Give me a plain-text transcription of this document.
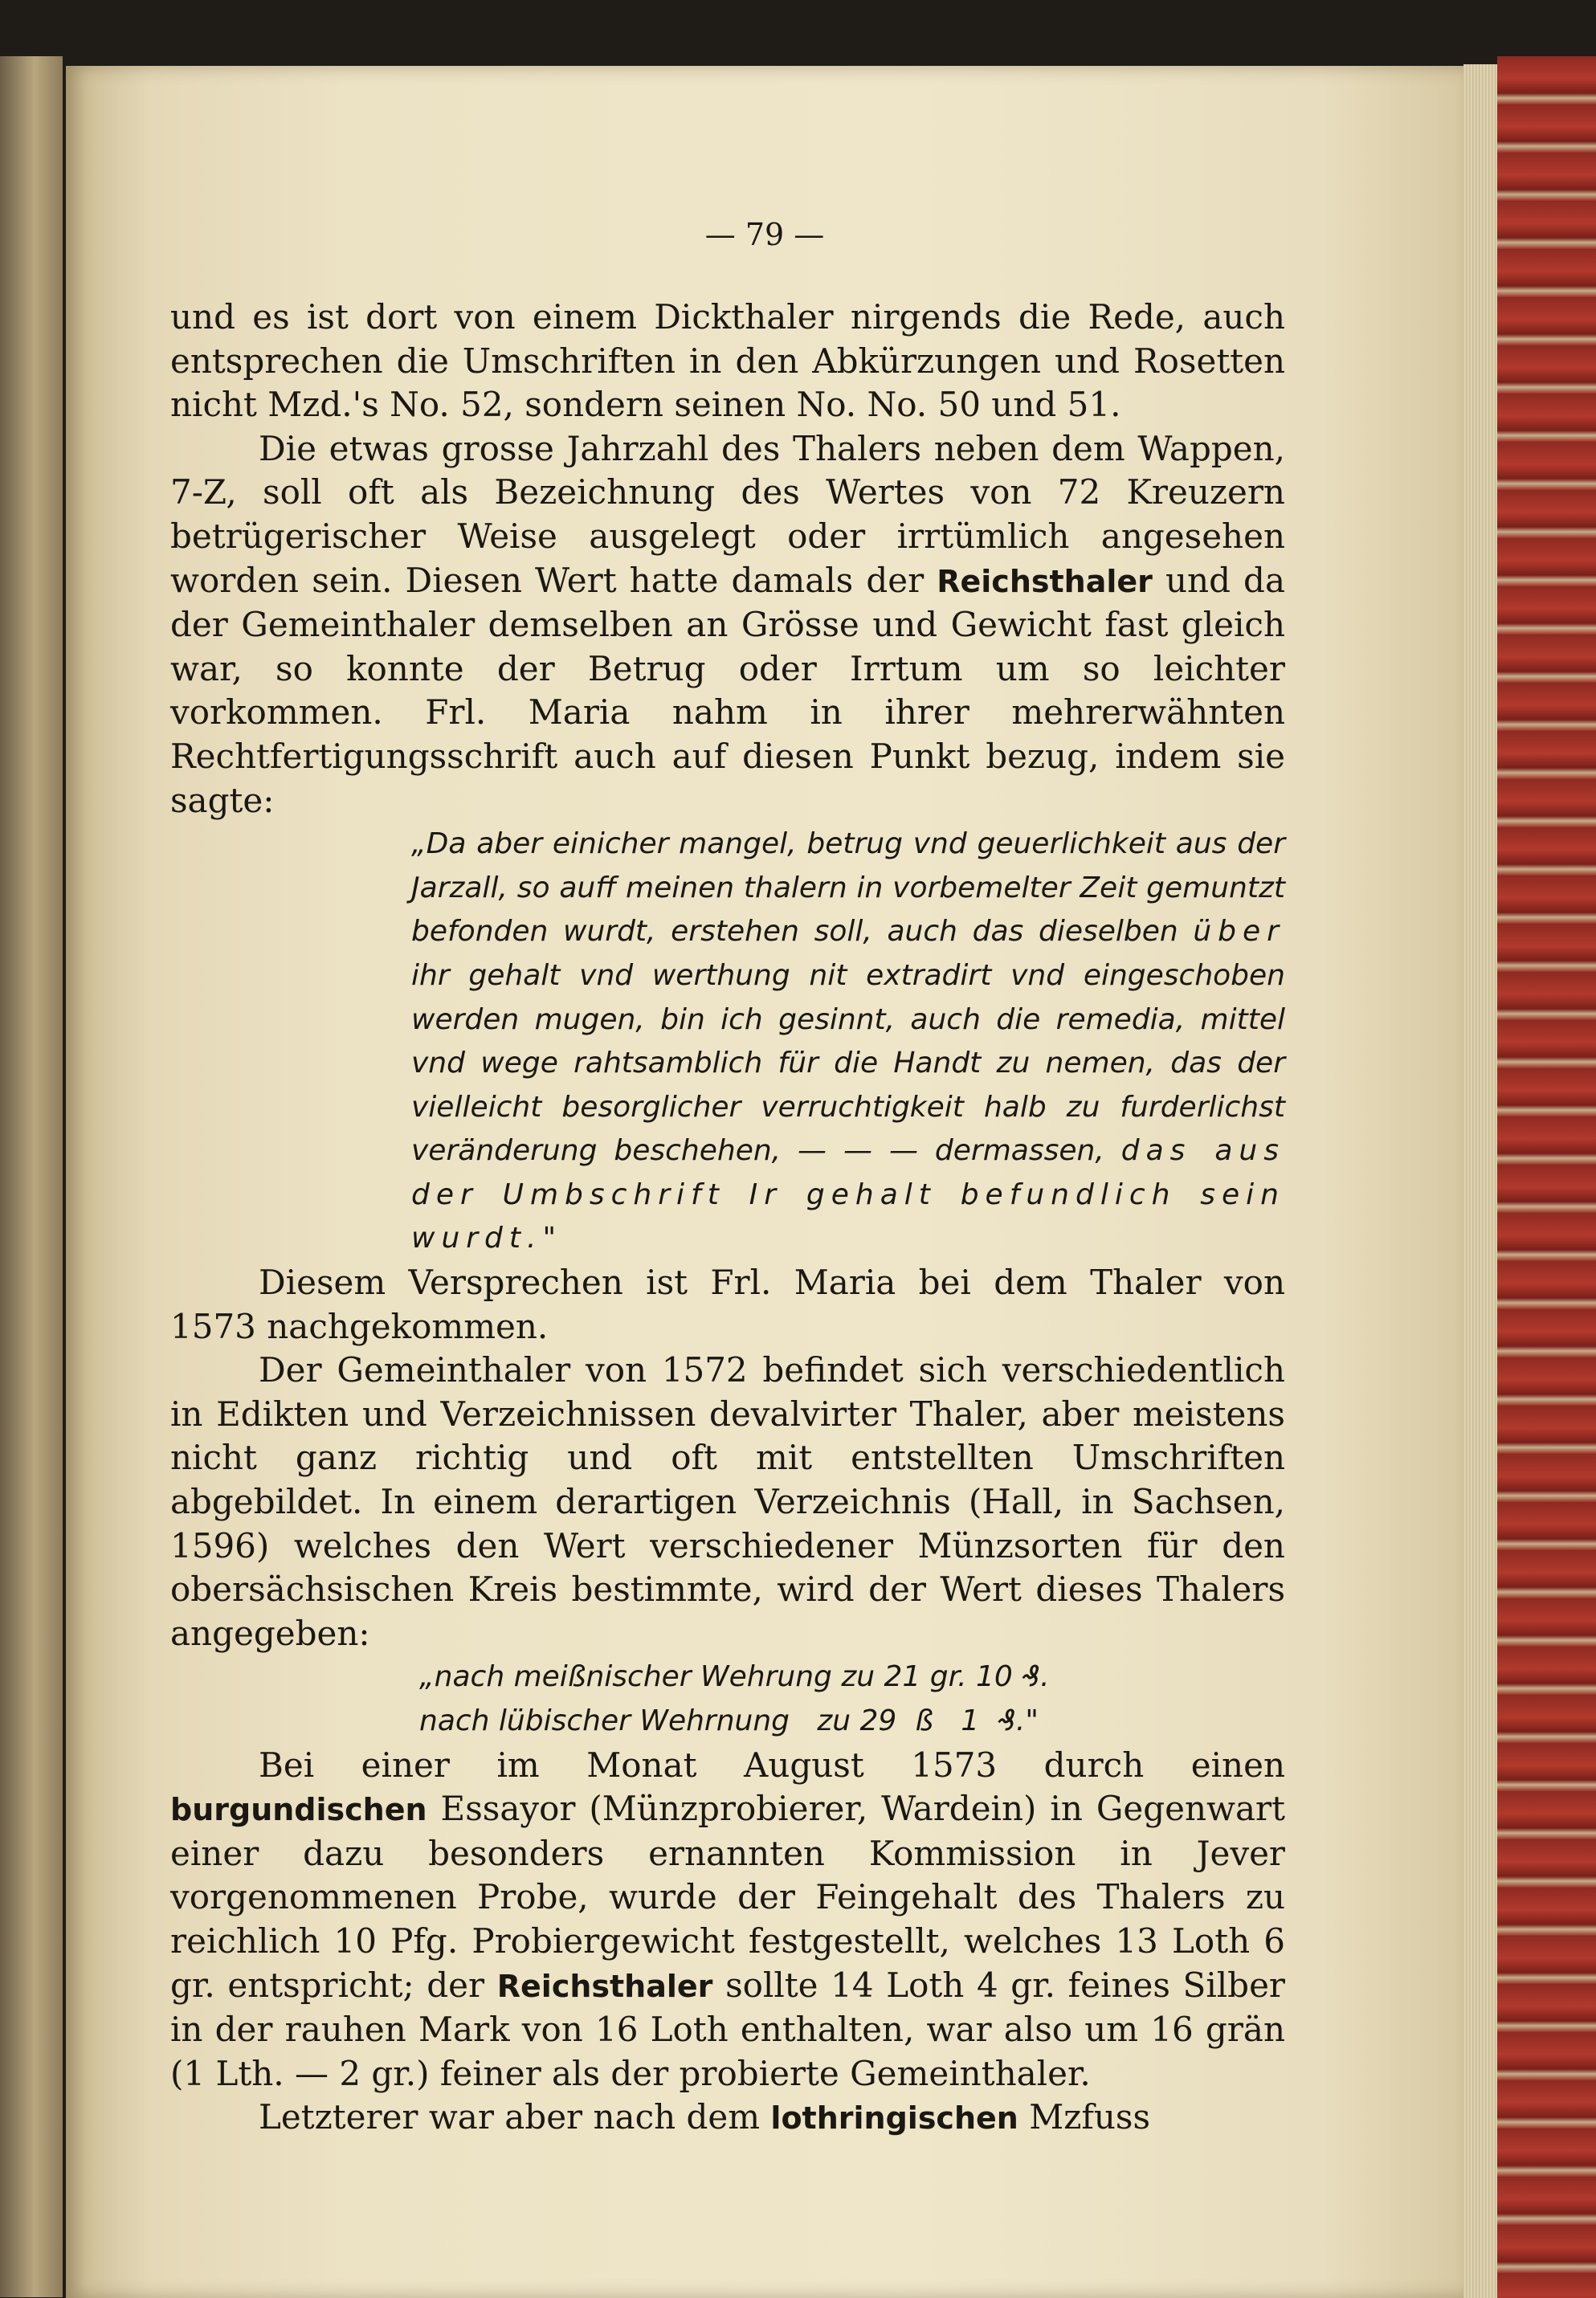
— 79 —

und es ist dort von einem Dickthaler nirgends die Rede, auch entsprechen die Umschriften in den Abkürzungen und Rosetten nicht Mzd.'s No. 52, sondern seinen No. No. 50 und 51.

Die etwas grosse Jahrzahl des Thalers neben dem Wappen, 7-Z, soll oft als Bezeichnung des Wertes von 72 Kreuzern betrügerischer Weise ausgelegt oder irrtümlich angesehen worden sein. Diesen Wert hatte damals der Reichsthaler und da der Gemeinthaler demselben an Grösse und Gewicht fast gleich war, so konnte der Betrug oder Irrtum um so leichter vorkommen. Frl. Maria nahm in ihrer mehrerwähnten Rechtfertigungsschrift auch auf diesen Punkt bezug, indem sie sagte:

„Da aber einicher mangel, betrug vnd geuerlichkeit aus der Jarzall, so auff meinen thalern in vorbemelter Zeit gemuntzt befonden wurdt, erstehen soll, auch das dieselben über ihr gehalt vnd werthung nit extradirt vnd eingeschoben werden mugen, bin ich gesinnt, auch die remedia, mittel vnd wege rahtsamblich für die Handt zu nemen, das der vielleicht besorglicher verruchtigkeit halb zu furderlichst veränderung beschehen, — — — dermassen, das aus der Umbschrift Ir gehalt befundlich sein wurdt."

Diesem Versprechen ist Frl. Maria bei dem Thaler von 1573 nachgekommen.

Der Gemeinthaler von 1572 befindet sich verschiedentlich in Edikten und Verzeichnissen devalvirter Thaler, aber meistens nicht ganz richtig und oft mit entstellten Umschriften abgebildet. In einem derartigen Verzeichnis (Hall, in Sachsen, 1596) welches den Wert verschiedener Münzsorten für den obersächsischen Kreis bestimmte, wird der Wert dieses Thalers angegeben:

„nach meißnischer Wehrung zu 21 gr. 10 ₰.
nach lübischer Wehrnung   zu 29  ß   1  ₰."

Bei einer im Monat August 1573 durch einen burgundischen Essayor (Münzprobierer, Wardein) in Gegenwart einer dazu besonders ernannten Kommission in Jever vorgenommenen Probe, wurde der Feingehalt des Thalers zu reichlich 10 Pfg. Probiergewicht festgestellt, welches 13 Loth 6 gr. entspricht; der Reichsthaler sollte 14 Loth 4 gr. feines Silber in der rauhen Mark von 16 Loth enthalten, war also um 16 grän (1 Lth. — 2 gr.) feiner als der probierte Gemeinthaler.

Letzterer war aber nach dem lothringischen Mzfuss
